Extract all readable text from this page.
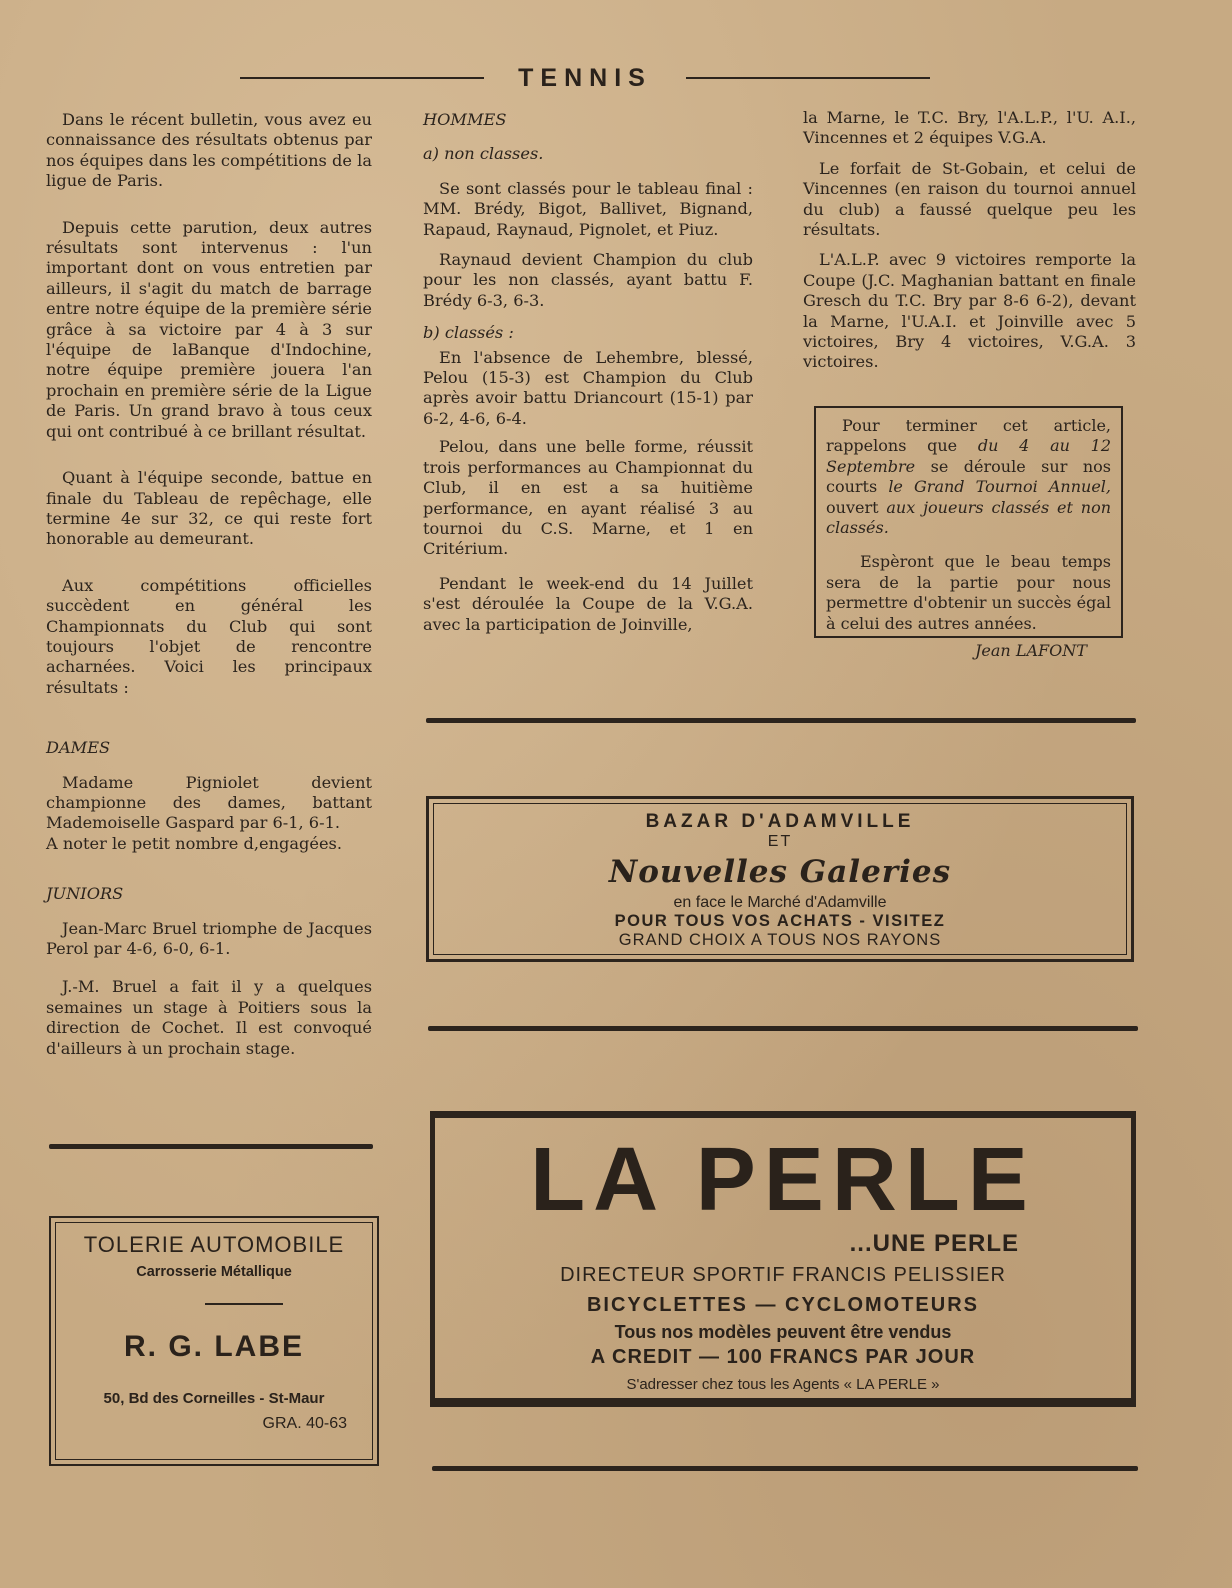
TENNIS

Dans le récent bulletin, vous avez eu connaissance des résultats obtenus par nos équipes dans les compétitions de la ligue de Paris.

Depuis cette parution, deux autres résultats sont intervenus : l'un important dont on vous entretien par ailleurs, il s'agit du match de barrage entre notre équipe de la première série grâce à sa victoire par 4 à 3 sur l'équipe de laBanque d'Indochine, notre équipe première jouera l'an prochain en première série de la Ligue de Paris. Un grand bravo à tous ceux qui ont contribué à ce brillant résultat.

Quant à l'équipe seconde, battue en finale du Tableau de repêchage, elle termine 4e sur 32, ce qui reste fort honorable au demeurant.

Aux compétitions officielles succèdent en général les Championnats du Club qui sont toujours l'objet de rencontre acharnées. Voici les principaux résultats :

DAMES

Madame Pigniolet devient championne des dames, battant Mademoiselle Gaspard par 6-1, 6-1.

A noter le petit nombre d,engagées.

JUNIORS

Jean-Marc Bruel triomphe de Jacques Perol par 4-6, 6-0, 6-1.

J.-M. Bruel a fait il y a quelques semaines un stage à Poitiers sous la direction de Cochet. Il est convoqué d'ailleurs à un prochain stage.

HOMMES

a) non classes.

Se sont classés pour le tableau final : MM. Brédy, Bigot, Ballivet, Bignand, Rapaud, Raynaud, Pignolet, et Piuz.

Raynaud devient Champion du club pour les non classés, ayant battu F. Brédy 6-3, 6-3.

b) classés :

En l'absence de Lehembre, blessé, Pelou (15-3) est Champion du Club après avoir battu Driancourt (15-1) par 6-2, 4-6, 6-4.

Pelou, dans une belle forme, réussit trois performances au Championnat du Club, il en est a sa huitième performance, en ayant réalisé 3 au tournoi du C.S. Marne, et 1 en Critérium.

Pendant le week-end du 14 Juillet s'est déroulée la Coupe de la V.G.A. avec la participation de Joinville,

la Marne, le T.C. Bry, l'A.L.P., l'U. A.I., Vincennes et 2 équipes V.G.A.

Le forfait de St-Gobain, et celui de Vincennes (en raison du tournoi annuel du club) a faussé quelque peu les résultats.

L'A.L.P. avec 9 victoires remporte la Coupe (J.C. Maghanian battant en finale Gresch du T.C. Bry par 8-6 6-2), devant la Marne, l'U.A.I. et Joinville avec 5 victoires, Bry 4 victoires, V.G.A. 3 victoires.

Pour terminer cet article, rappelons que du 4 au 12 Septembre se déroule sur nos courts le Grand Tournoi Annuel, ouvert aux joueurs classés et non classés.

Espèront que le beau temps sera de la partie pour nous permettre d'obtenir un succès égal à celui des autres années.

Jean LAFONT
BAZAR D'ADAMVILLE
ET
Nouvelles Galeries
en face le Marché d'Adamville
POUR TOUS VOS ACHATS - VISITEZ
GRAND CHOIX A TOUS NOS RAYONS
LA PERLE
...UNE PERLE
DIRECTEUR SPORTIF FRANCIS PELISSIER
BICYCLETTES — CYCLOMOTEURS
Tous nos modèles peuvent être vendus
A CREDIT — 100 FRANCS PAR JOUR
S'adresser chez tous les Agents « LA PERLE »
TOLERIE AUTOMOBILE
Carrosserie Métallique
R. G. LABE
50, Bd des Corneilles - St-Maur
GRA. 40-63
